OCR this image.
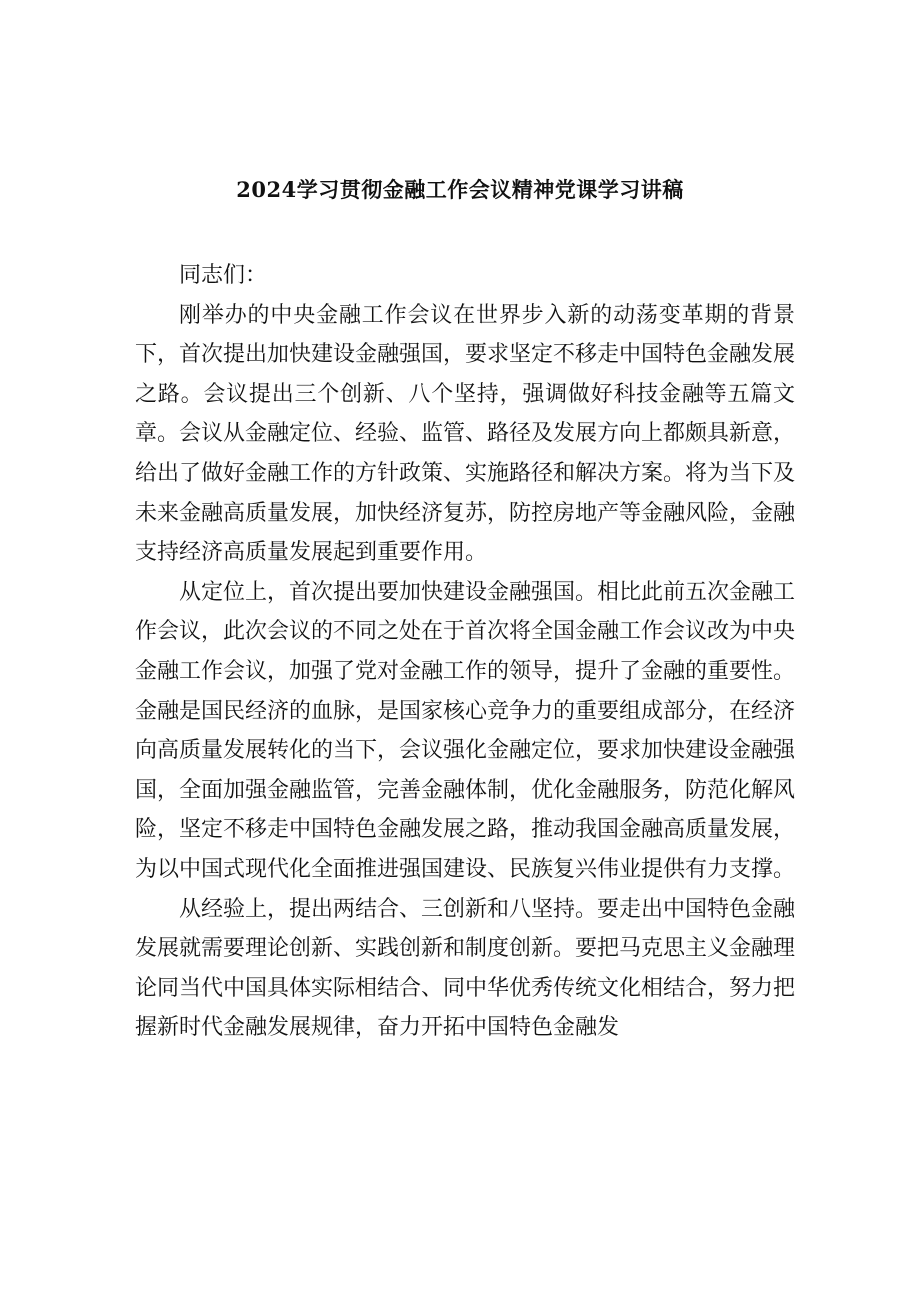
2024学习贯彻金融工作会议精神党课学习讲稿

同志们：

刚举办的中央金融工作会议在世界步入新的动荡变革期的背景下，首次提出加快建设金融强国，要求坚定不移走中国特色金融发展之路。会议提出三个创新、八个坚持，强调做好科技金融等五篇文章。会议从金融定位、经验、监管、路径及发展方向上都颇具新意，给出了做好金融工作的方针政策、实施路径和解决方案。将为当下及未来金融高质量发展，加快经济复苏，防控房地产等金融风险，金融支持经济高质量发展起到重要作用。

从定位上，首次提出要加快建设金融强国。相比此前五次金融工作会议，此次会议的不同之处在于首次将全国金融工作会议改为中央金融工作会议，加强了党对金融工作的领导，提升了金融的重要性。金融是国民经济的血脉，是国家核心竞争力的重要组成部分，在经济向高质量发展转化的当下，会议强化金融定位，要求加快建设金融强国，全面加强金融监管，完善金融体制，优化金融服务，防范化解风险，坚定不移走中国特色金融发展之路，推动我国金融高质量发展，为以中国式现代化全面推进强国建设、民族复兴伟业提供有力支撑。

从经验上，提出两结合、三创新和八坚持。要走出中国特色金融发展就需要理论创新、实践创新和制度创新。要把马克思主义金融理论同当代中国具体实际相结合、同中华优秀传统文化相结合，努力把握新时代金融发展规律，奋力开拓中国特色金融发
